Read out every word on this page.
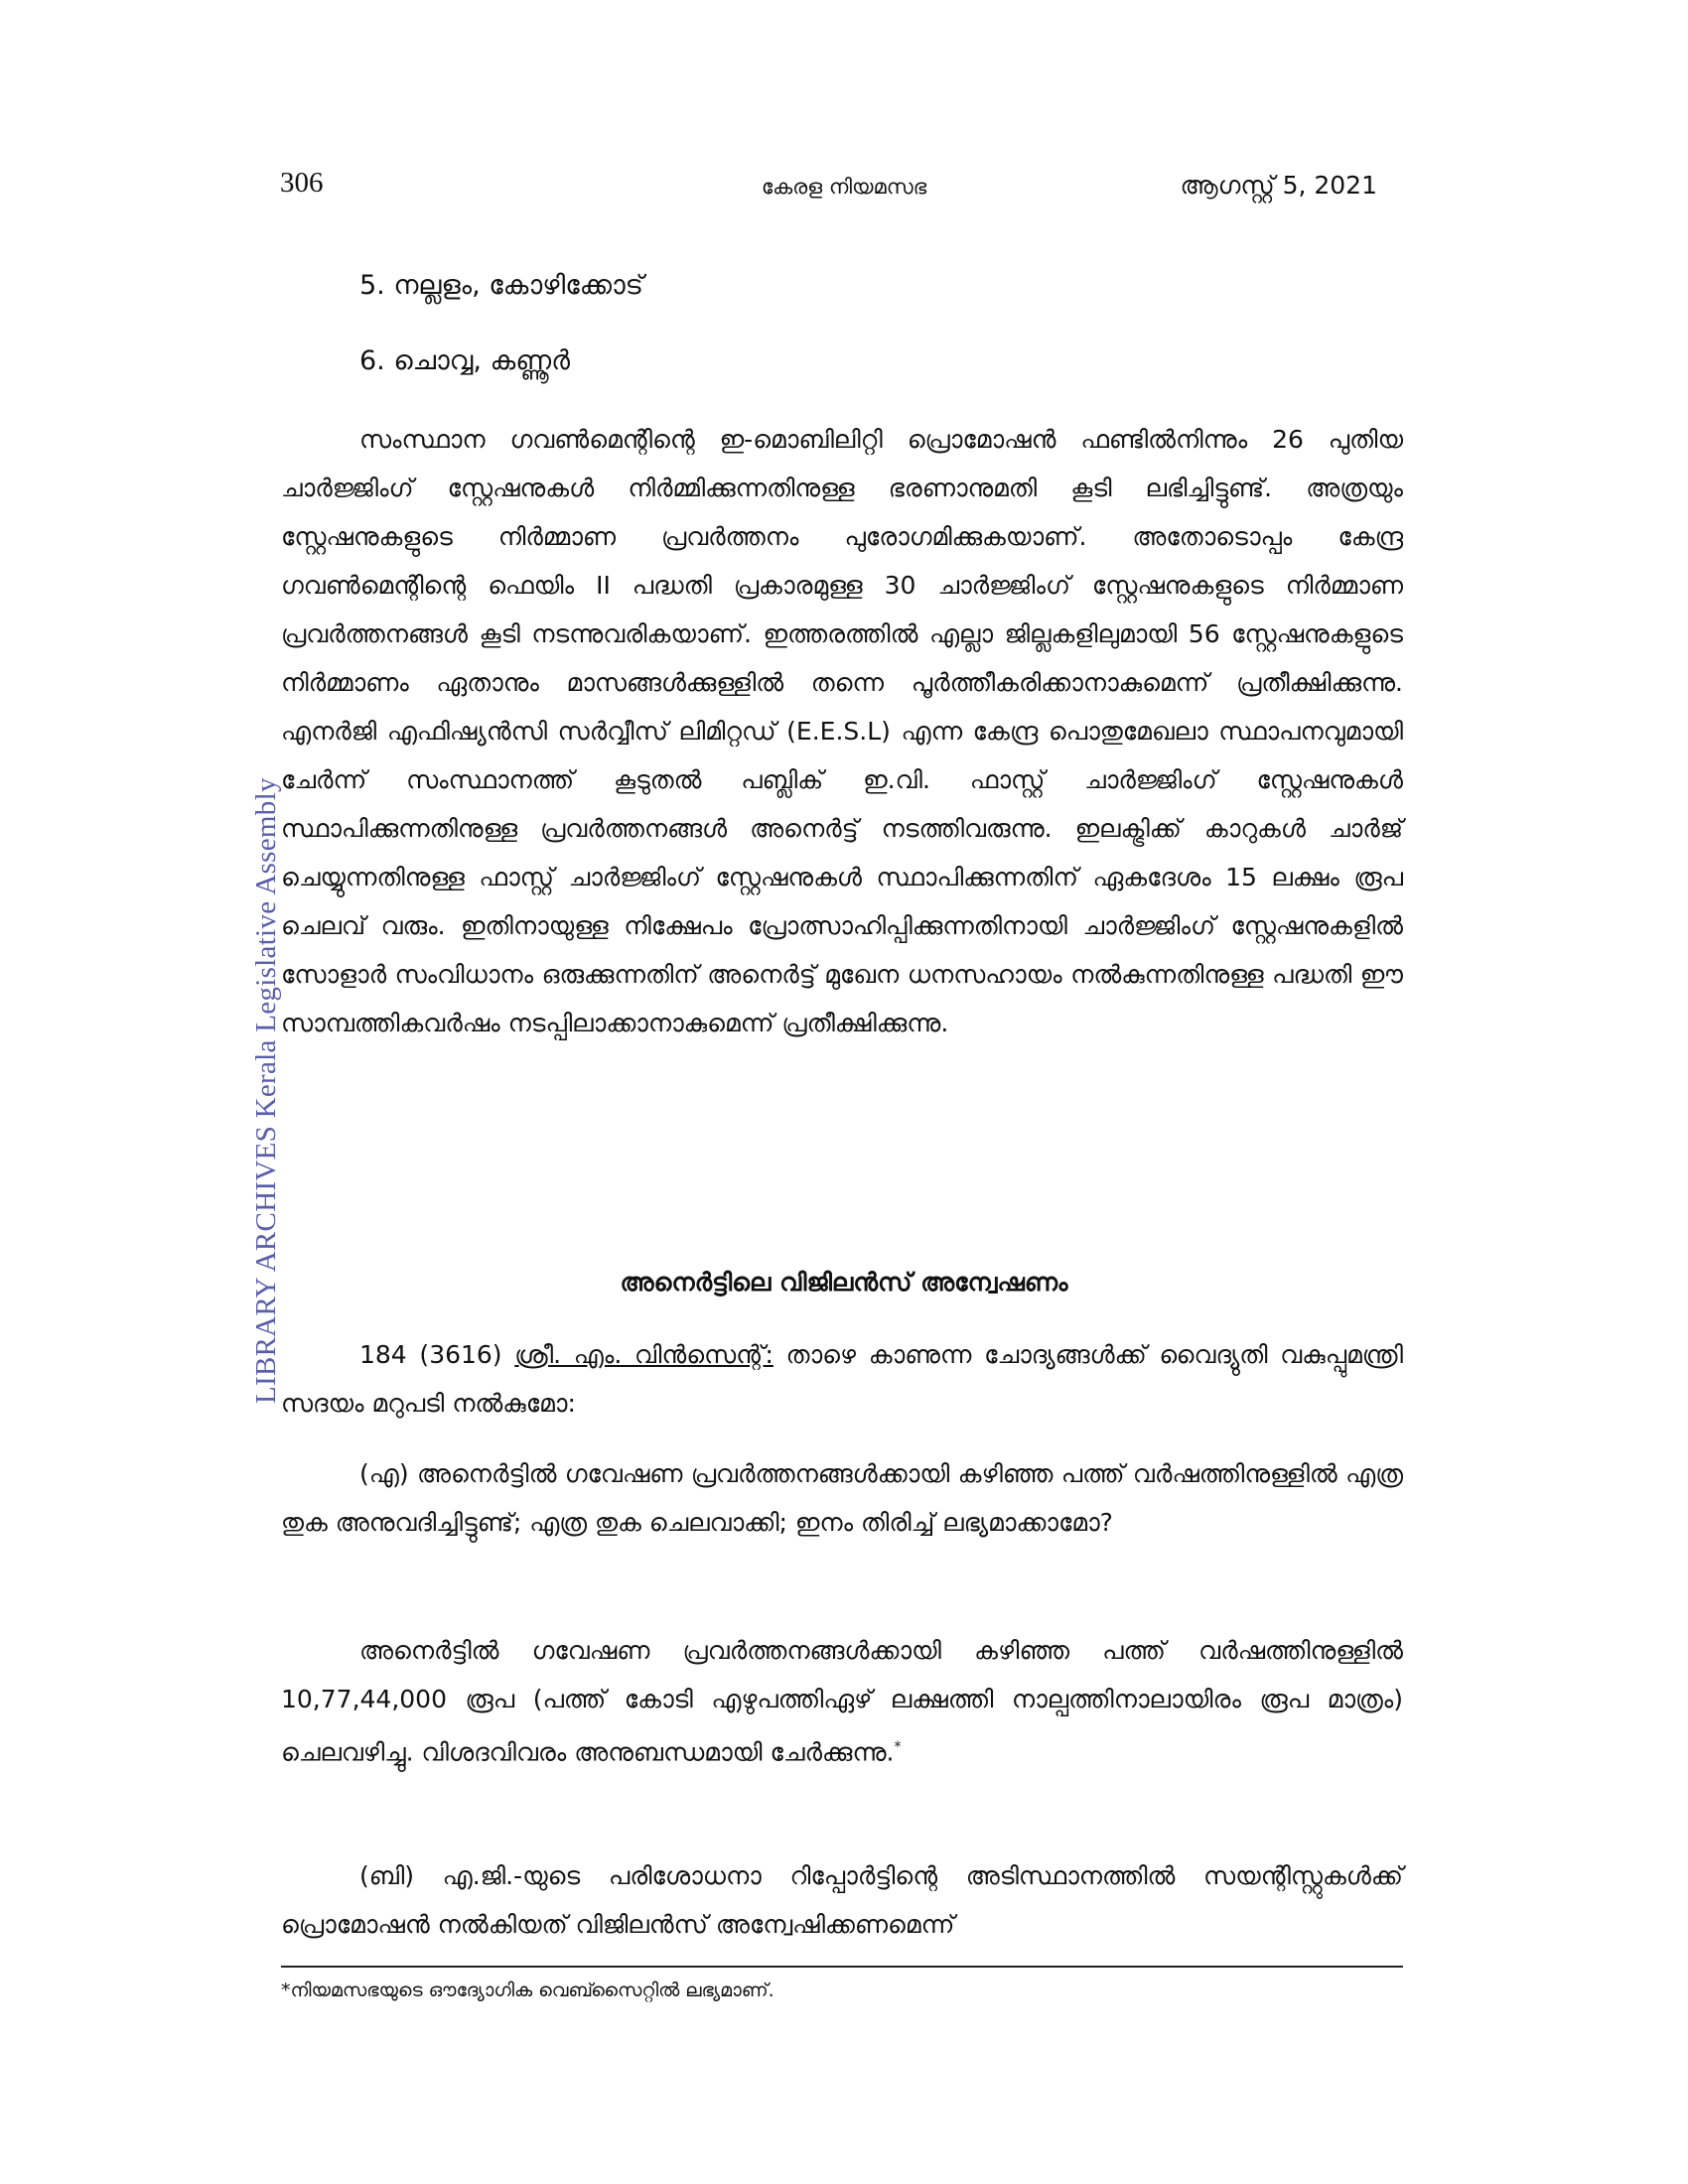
306	കേരള നിയമസഭ	ആഗസ്റ്റ് 5, 2021
LIBRARY ARCHIVES Kerala Legislative Assembly
5. നല്ലളം, കോഴിക്കോട്
6. ചൊവ്വ, കണ്ണൂർ

സംസ്ഥാന ഗവൺമെന്റിന്റെ ഇ-മൊബിലിറ്റി പ്രൊമോഷൻ ഫണ്ടിൽനിന്നും 26 പുതിയ ചാർജ്ജിംഗ് സ്റ്റേഷനുകൾ നിർമ്മിക്കുന്നതിനുള്ള ഭരണാനുമതി കൂടി ലഭിച്ചിട്ടുണ്ട്. അത്രയും സ്റ്റേഷനുകളുടെ നിർമ്മാണ പ്രവർത്തനം പുരോഗമിക്കുകയാണ്. അതോടൊപ്പം കേന്ദ്ര ഗവൺമെന്റിന്റെ ഫെയിം II പദ്ധതി പ്രകാരമുള്ള 30 ചാർജ്ജിംഗ് സ്റ്റേഷനുകളുടെ നിർമ്മാണ പ്രവർത്തനങ്ങൾ കൂടി നടന്നുവരികയാണ്. ഇത്തരത്തിൽ എല്ലാ ജില്ലകളിലുമായി 56 സ്റ്റേഷനുകളുടെ നിർമ്മാണം ഏതാനും മാസങ്ങൾക്കുള്ളിൽ തന്നെ പൂർത്തീകരിക്കാനാകുമെന്ന് പ്രതീക്ഷിക്കുന്നു. എനർജി എഫിഷ്യൻസി സർവ്വീസ് ലിമിറ്റഡ് (E.E.S.L) എന്ന കേന്ദ്ര പൊതുമേഖലാ സ്ഥാപനവുമായി ചേർന്ന് സംസ്ഥാനത്ത് കൂടുതൽ പബ്ലിക് ഇ.വി. ഫാസ്റ്റ് ചാർജ്ജിംഗ് സ്റ്റേഷനുകൾ സ്ഥാപിക്കുന്നതിനുള്ള പ്രവർത്തനങ്ങൾ അനെർട്ട് നടത്തിവരുന്നു. ഇലക്ട്രിക്ക് കാറുകൾ ചാർജ് ചെയ്യുന്നതിനുള്ള ഫാസ്റ്റ് ചാർജ്ജിംഗ് സ്റ്റേഷനുകൾ സ്ഥാപിക്കുന്നതിന് ഏകദേശം 15 ലക്ഷം രൂപ ചെലവ് വരും. ഇതിനായുള്ള നിക്ഷേപം പ്രോത്സാഹിപ്പിക്കുന്നതിനായി ചാർജ്ജിംഗ് സ്റ്റേഷനുകളിൽ സോളാർ സംവിധാനം ഒരുക്കുന്നതിന് അനെർട്ട് മുഖേന ധനസഹായം നൽകുന്നതിനുള്ള പദ്ധതി ഈ സാമ്പത്തികവർഷം നടപ്പിലാക്കാനാകുമെന്ന് പ്രതീക്ഷിക്കുന്നു.

അനെർട്ടിലെ വിജിലൻസ് അന്വേഷണം

184 (3616) ശ്രീ. എം. വിൻസെന്റ്: താഴെ കാണുന്ന ചോദ്യങ്ങൾക്ക് വൈദ്യുതി വകുപ്പുമന്ത്രി സദയം മറുപടി നൽകുമോ:

(എ) അനെർട്ടിൽ ഗവേഷണ പ്രവർത്തനങ്ങൾക്കായി കഴിഞ്ഞ പത്ത് വർഷത്തിനുള്ളിൽ എത്ര തുക അനുവദിച്ചിട്ടുണ്ട്; എത്ര തുക ചെലവാക്കി; ഇനം തിരിച്ച് ലഭ്യമാക്കാമോ?

അനെർട്ടിൽ ഗവേഷണ പ്രവർത്തനങ്ങൾക്കായി കഴിഞ്ഞ പത്ത് വർഷത്തിനുള്ളിൽ 10,77,44,000 രൂപ (പത്ത് കോടി എഴുപത്തിഏഴ് ലക്ഷത്തി നാല്പത്തിനാലായിരം രൂപ മാത്രം) ചെലവഴിച്ചു. വിശദവിവരം അനുബന്ധമായി ചേർക്കുന്നു.*

(ബി) എ.ജി.-യുടെ പരിശോധനാ റിപ്പോർട്ടിന്റെ അടിസ്ഥാനത്തിൽ സയന്റിസ്റ്റുകൾക്ക് പ്രൊമോഷൻ നൽകിയത് വിജിലൻസ് അന്വേഷിക്കണമെന്ന്

*നിയമസഭയുടെ ഔദ്യോഗിക വെബ്സൈറ്റിൽ ലഭ്യമാണ്.
